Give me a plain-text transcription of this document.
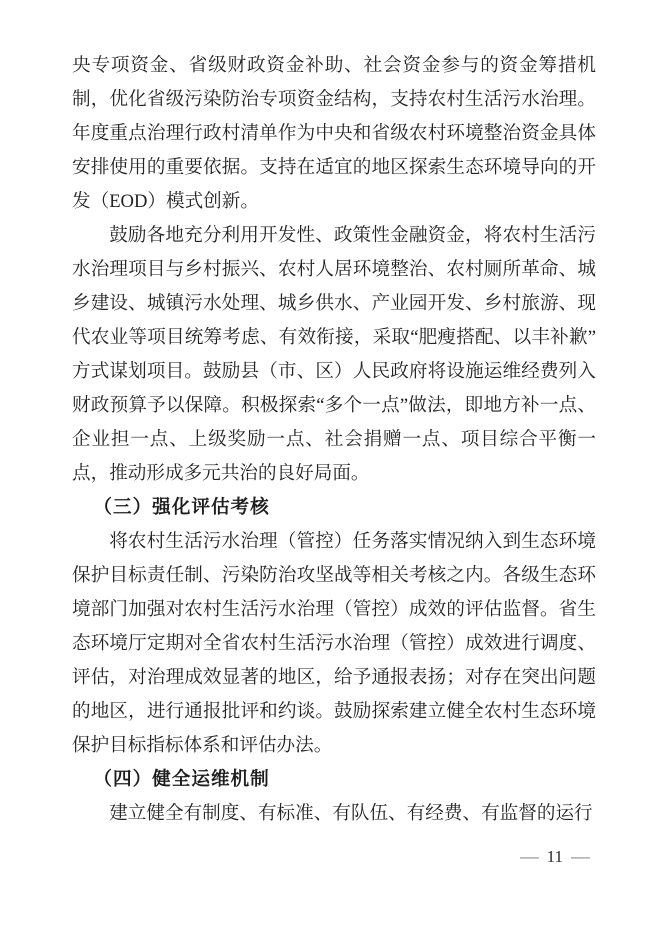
央专项资金、省级财政资金补助、社会资金参与的资金筹措机制，优化省级污染防治专项资金结构，支持农村生活污水治理。年度重点治理行政村清单作为中央和省级农村环境整治资金具体安排使用的重要依据。支持在适宜的地区探索生态环境导向的开发（EOD）模式创新。

鼓励各地充分利用开发性、政策性金融资金，将农村生活污水治理项目与乡村振兴、农村人居环境整治、农村厕所革命、城乡建设、城镇污水处理、城乡供水、产业园开发、乡村旅游、现代农业等项目统筹考虑、有效衔接，采取“肥瘦搭配、以丰补歉”方式谋划项目。鼓励县（市、区）人民政府将设施运维经费列入财政预算予以保障。积极探索“多个一点”做法，即地方补一点、企业担一点、上级奖励一点、社会捐赠一点、项目综合平衡一点，推动形成多元共治的良好局面。

（三）强化评估考核

将农村生活污水治理（管控）任务落实情况纳入到生态环境保护目标责任制、污染防治攻坚战等相关考核之内。各级生态环境部门加强对农村生活污水治理（管控）成效的评估监督。省生态环境厅定期对全省农村生活污水治理（管控）成效进行调度、评估，对治理成效显著的地区，给予通报表扬；对存在突出问题的地区，进行通报批评和约谈。鼓励探索建立健全农村生态环境保护目标指标体系和评估办法。

（四）健全运维机制

建立健全有制度、有标准、有队伍、有经费、有监督的运行

— 11 —
